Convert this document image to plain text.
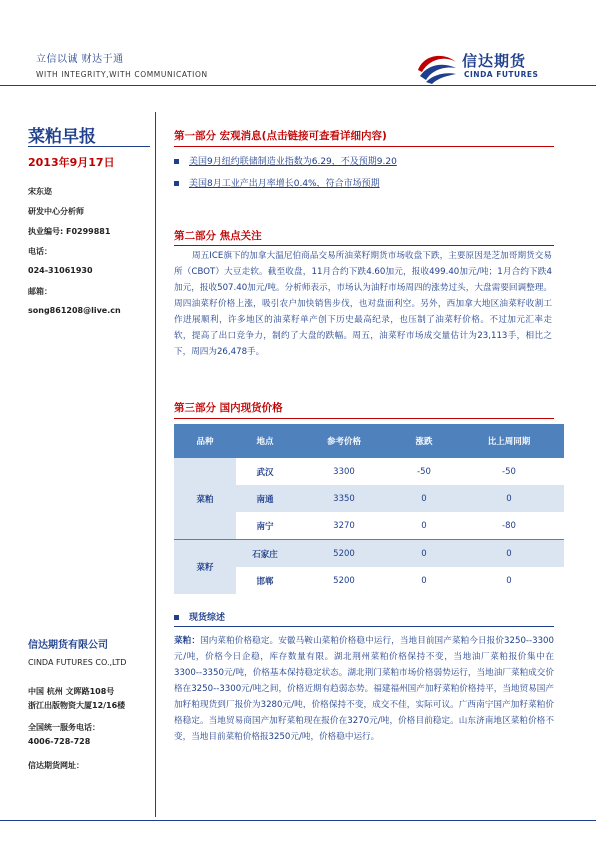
立信以诚 财达于通
WITH INTEGRITY,WITH COMMUNICATION
信达期货
CINDA FUTURES
菜粕早报
2013年9月17日
宋东迩
研发中心分析师
执业编号: F0299881
电话：
024-31061930
邮箱：
song861208@live.cn
信达期货有限公司
CINDA FUTURES CO.,LTD
中国 杭州 文晖路108号
浙江出版物资大厦12/16楼
全国统一服务电话：
4006-728-728
信达期货网址：
第一部分 宏观消息(点击链接可查看详细内容)
美国9月纽约联储制造业指数为6.29，不及预期9.20
美国8月工业产出月率增长0.4%，符合市场预期
第二部分 焦点关注
周五ICE旗下的加拿大温尼伯商品交易所油菜籽期货市场收盘下跌，主要原因是芝加哥期货交易所（CBOT）大豆走软。截至收盘，11月合约下跌4.60加元，报收499.40加元/吨；1月合约下跌4加元，报收507.40加元/吨。分析师表示，市场认为油籽市场周四的涨势过头，大盘需要回调整理。周四油菜籽价格上涨，吸引农户加快销售步伐，也对盘面利空。另外，西加拿大地区油菜籽收割工作进展顺利，许多地区的油菜籽单产创下历史最高纪录，也压制了油菜籽价格。不过加元汇率走软，提高了出口竞争力，制约了大盘的跌幅。周五，油菜籽市场成交量估计为23,113手，相比之下，周四为26,478手。
第三部分 国内现货价格
品种	地点	参考价格	涨跌	比上周同期
菜粕	武汉	3300	-50	-50
	南通	3350	0	0
	南宁	3270	0	-80
菜籽	石家庄	5200	0	0
	邯郸	5200	0	0
现货综述
菜粕：国内菜粕价格稳定。安徽马鞍山菜粕价格稳中运行，当地目前国产菜粕今日报价3250--3300元/吨，价格今日企稳，库存数量有限。湖北荆州菜粕价格保持不变，当地油厂菜粕报价集中在3300--3350元/吨，价格基本保持稳定状态。湖北荆门菜粕市场价格弱势运行，当地油厂菜粕成交价格在3250--3300元/吨之间，价格近期有趋弱态势。福建福州国产加籽菜粕价格持平，当地贸易国产加籽粕现货到厂报价为3280元/吨，价格保持不变，成交不佳，实际可议。广西南宁国产加籽菜粕价格稳定。当地贸易商国产加籽菜粕现在报价在3270元/吨，价格目前稳定。山东济南地区菜粕价格不变，当地目前菜粕价格报3250元/吨，价格稳中运行。
